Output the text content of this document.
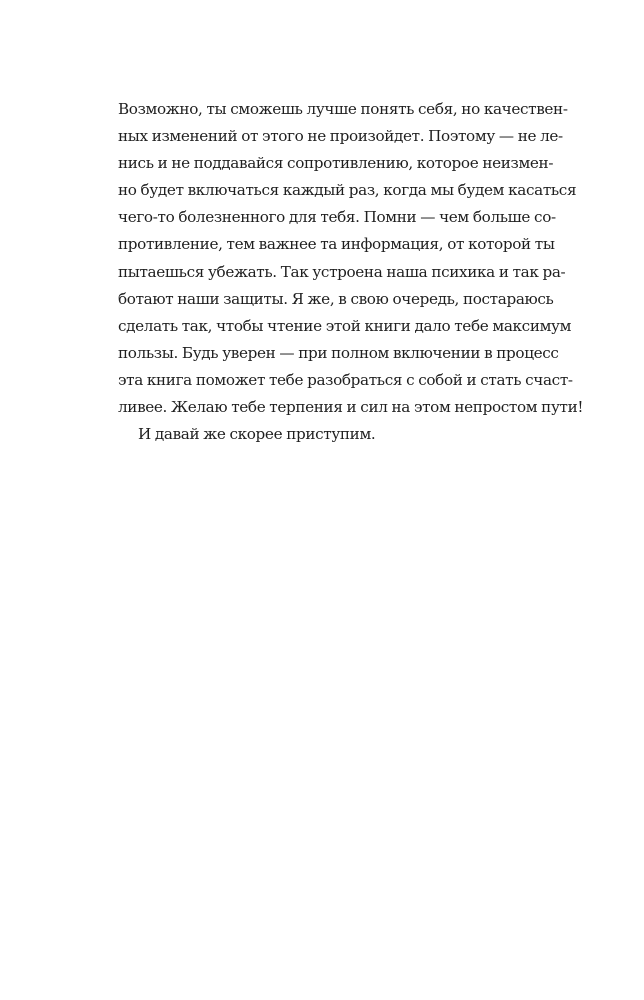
Возможно, ты сможешь лучше понять себя, но качествен-
ных изменений от этого не произойдет. Поэтому — не ле-
нись и не поддавайся сопротивлению, которое неизмен-
но будет включаться каждый раз, когда мы будем касаться
чего-то болезненного для тебя. Помни — чем больше со-
противление, тем важнее та информация, от которой ты
пытаешься убежать. Так устроена наша психика и так ра-
ботают наши защиты. Я же, в свою очередь, постараюсь
сделать так, чтобы чтение этой книги дало тебе максимум
пользы. Будь уверен — при полном включении в процесс
эта книга поможет тебе разобраться с собой и стать счаст-
ливее. Желаю тебе терпения и сил на этом непростом пути!
И давай же скорее приступим.
